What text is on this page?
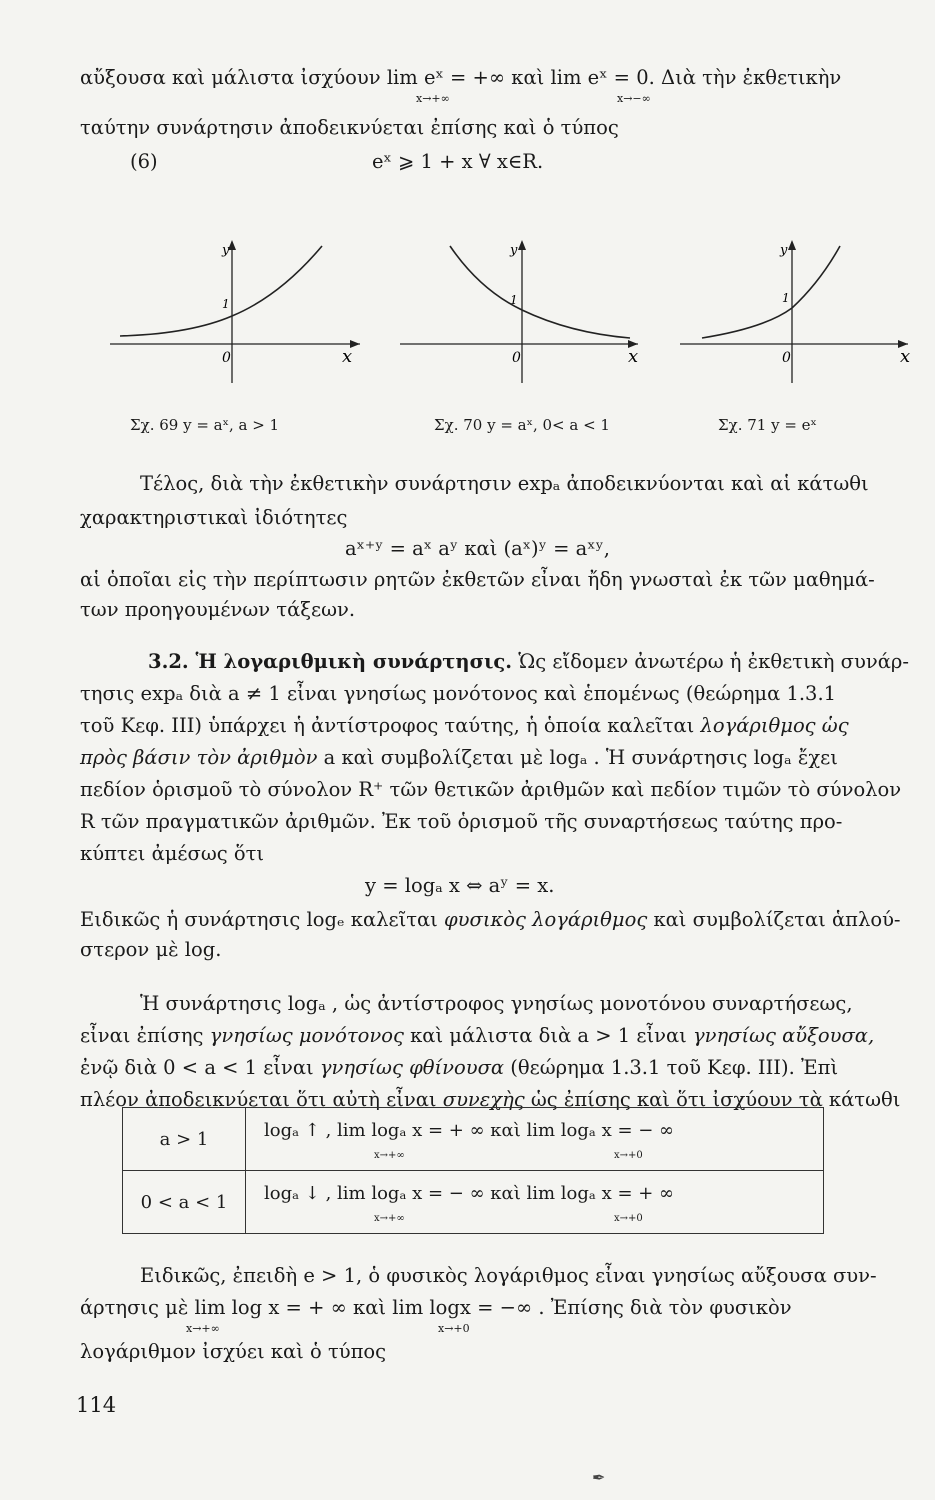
αὔξουσα καὶ μάλιστα ἰσχύουν lim eˣ = +∞ καὶ lim eˣ = 0. Διὰ τὴν ἐκθετικὴν
x→+∞	x→−∞
ταύτην συνάρτησιν ἀποδεικνύεται ἐπίσης καὶ ὁ τύπος
(6)	eˣ ⩾ 1 + x ∀ x∈R.
y
1
0	x
Σχ. 69 y = aˣ, a > 1
y
1
0	x
Σχ. 70 y = aˣ, 0< a < 1
y
1
0	x
Σχ. 71 y = eˣ
Τέλος, διὰ τὴν ἐκθετικὴν συνάρτησιν expₐ ἀποδεικνύονται καὶ αἱ κάτωθι
χαρακτηριστικαὶ ἰδιότητες
aˣ⁺ʸ = aˣ aʸ καὶ (aˣ)ʸ = aˣʸ,
αἱ ὁποῖαι εἰς τὴν περίπτωσιν ρητῶν ἐκθετῶν εἶναι ἤδη γνωσταὶ ἐκ τῶν μαθημά-
των προηγουμένων τάξεων.
3.2. Ἡ λογαριθμικὴ συνάρτησις. Ὡς εἴδομεν ἀνωτέρω ἡ ἐκθετικὴ συνάρ-
τησις expₐ διὰ a ≠ 1 εἶναι γνησίως μονότονος καὶ ἑπομένως (θεώρημα 1.3.1
τοῦ Κεφ. ΙΙΙ) ὑπάρχει ἡ ἀντίστροφος ταύτης, ἡ ὁποία καλεῖται λογάριθμος ὡς
πρὸς βάσιν τὸν ἀριθμὸν a καὶ συμβολίζεται μὲ logₐ . Ἡ συνάρτησις logₐ ἔχει
πεδίον ὁρισμοῦ τὸ σύνολον R⁺ τῶν θετικῶν ἀριθμῶν καὶ πεδίον τιμῶν τὸ σύνολον
R τῶν πραγματικῶν ἀριθμῶν. Ἐκ τοῦ ὁρισμοῦ τῆς συναρτήσεως ταύτης προ-
κύπτει ἀμέσως ὅτι
y = logₐ x ⇔ aʸ = x.
Ειδικῶς ἡ συνάρτησις logₑ καλεῖται φυσικὸς λογάριθμος καὶ συμβολίζεται ἁπλού-
στερον μὲ log.
Ἡ συνάρτησις logₐ , ὡς ἀντίστροφος γνησίως μονοτόνου συναρτήσεως,
εἶναι ἐπίσης γνησίως μονότονος καὶ μάλιστα διὰ a > 1 εἶναι γνησίως αὔξουσα,
ἐνῷ διὰ 0 < a < 1 εἶναι γνησίως φθίνουσα (θεώρημα 1.3.1 τοῦ Κεφ. ΙΙΙ). Ἐπὶ
πλέον ἀποδεικνύεται ὅτι αὐτὴ εἶναι συνεχὴς ὡς ἐπίσης καὶ ὅτι ἰσχύουν τὰ κάτωθι
a > 1	logₐ ↑ , lim logₐ x = + ∞ καὶ lim logₐ x = − ∞
x→+∞ x→+0

0 < a < 1	logₐ ↓ , lim logₐ x = − ∞ καὶ lim logₐ x = + ∞
x→+∞ x→+0
Ειδικῶς, ἐπειδὴ e > 1, ὁ φυσικὸς λογάριθμος εἶναι γνησίως αὔξουσα συν-
άρτησις μὲ lim log x = + ∞ καὶ lim logx = −∞ . Ἐπίσης διὰ τὸν φυσικὸν
x→+∞	x→+0
λογάριθμον ἰσχύει καὶ ὁ τύπος
114
✒
